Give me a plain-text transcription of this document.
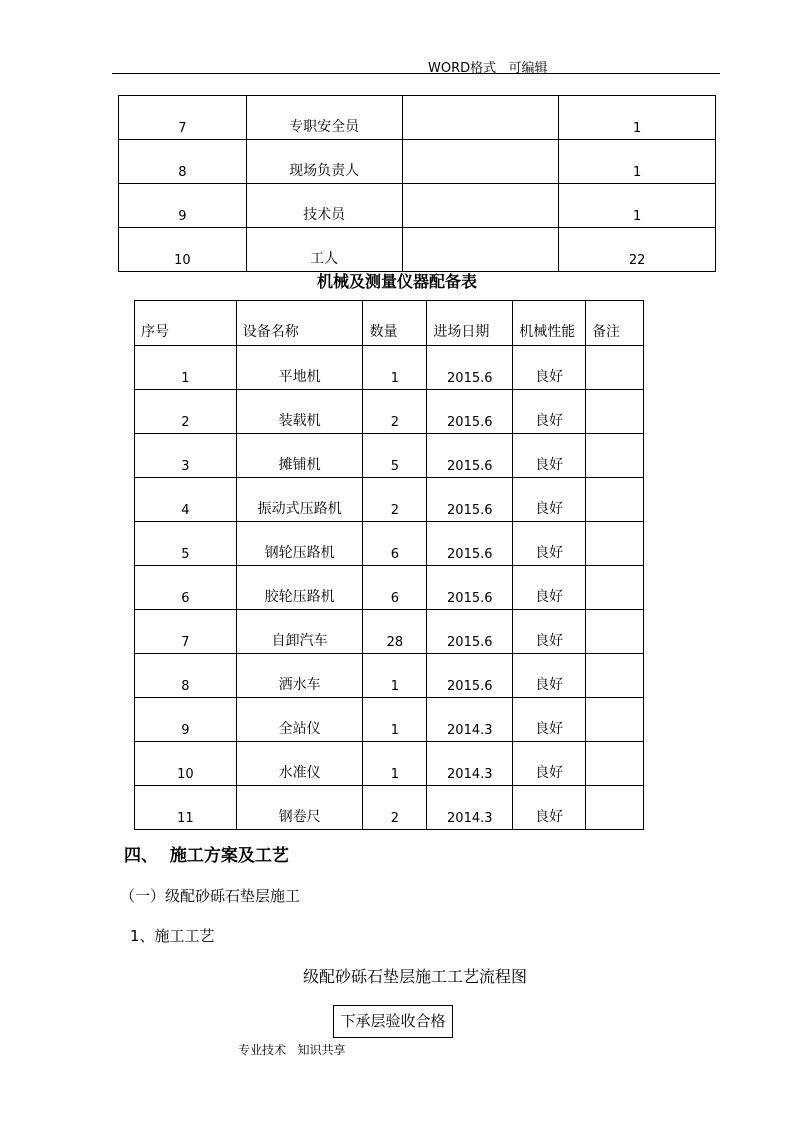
WORD格式   可编辑
7	专职安全员		1
8	现场负责人		1
9	技术员		1
10	工人		22
机械及测量仪器配备表
序号	设备名称	数量	进场日期	机械性能	备注
1	平地机	1	2015.6	良好	
2	装载机	2	2015.6	良好	
3	摊铺机	5	2015.6	良好	
4	振动式压路机	2	2015.6	良好	
5	钢轮压路机	6	2015.6	良好	
6	胶轮压路机	6	2015.6	良好	
7	自卸汽车	28	2015.6	良好	
8	洒水车	1	2015.6	良好	
9	全站仪	1	2014.3	良好	
10	水准仪	1	2014.3	良好	
11	钢卷尺	2	2014.3	良好	
四、  施工方案及工艺
（一）级配砂砾石垫层施工
1、施工工艺
级配砂砾石垫层施工工艺流程图
下承层验收合格
专业技术   知识共享
